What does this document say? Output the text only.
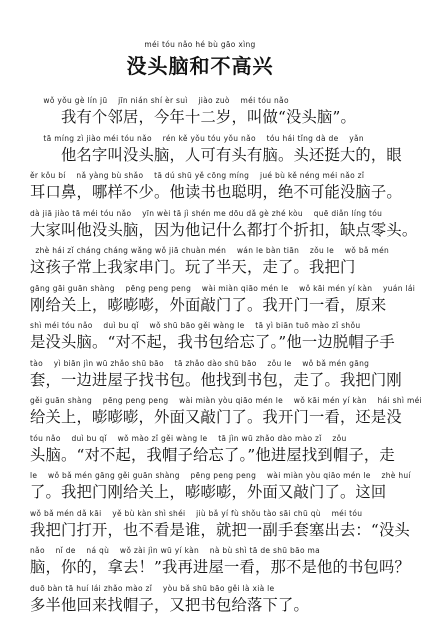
méi tóu nǎo hé bù gāo xìng
没头脑和不高兴
wǒ yǒu gè lín jū    jīn nián shí èr suì    jiào zuò    méi tóu nǎo
　　我有个邻居，今年十二岁，叫做“没头脑”。
tā míng zì jiào méi tóu nǎo    rén kě yǒu tóu yǒu nǎo    tóu hái tǐng dà de    yǎn
　　他名字叫没头脑，人可有头有脑。头还挺大的，眼
ěr kǒu bí    nǎ yàng bù shǎo    tā dú shū yě cōng míng    jué bù kě néng méi nǎo zǐ
耳口鼻，哪样不少。他读书也聪明，绝不可能没脑子。
dà jiā jiào tā méi tóu nǎo    yīn wèi tā jì shén me dōu dǎ gè zhé kòu    quē diǎn líng tóu
大家叫他没头脑，因为他记什么都打个折扣，缺点零头。
zhè hái zǐ cháng cháng wǎng wǒ jiā chuàn mén    wán le bàn tiān    zǒu le    wǒ bǎ mén
这孩子常上我家串门。玩了半天，走了。我把门
gāng gāi guān shàng    pēng peng peng    wài miàn qiāo mén le    wǒ kāi mén yí kàn    yuán lái
刚给关上，嘭嘭嘭，外面敲门了。我开门一看，原来
shì méi tóu nǎo    duì bu qǐ    wǒ shū bāo gěi wàng le    tā yì biān tuō mào zǐ shǒu
是没头脑。“对不起，我书包给忘了。”他一边脱帽子手
tào    yì biān jìn wū zhǎo shū bāo    tā zhǎo dào shū bāo    zǒu le    wǒ bǎ mén gāng
套，一边进屋子找书包。他找到书包，走了。我把门刚
gěi guān shàng    pēng peng peng    wài miàn yòu qiāo mén le    wǒ kāi mén yí kàn    hái shì méi
给关上，嘭嘭嘭，外面又敲门了。我开门一看，还是没
tóu nǎo    duì bu qǐ    wǒ mào zǐ gěi wàng le    tā jìn wū zhǎo dào mào zǐ    zǒu
头脑。“对不起，我帽子给忘了。”他进屋找到帽子，走
le    wǒ bǎ mén gāng gěi guān shàng    pēng peng peng    wài miàn yòu qiāo mén le    zhè huí
了。我把门刚给关上，嘭嘭嘭，外面又敲门了。这回
wǒ bǎ mén dǎ kāi    yě bù kàn shì shéi    jiù bǎ yí fù shǒu tào sāi chū qù    méi tóu
我把门打开，也不看是谁，就把一副手套塞出去：“没头
nǎo    nǐ de    ná qù    wǒ zài jìn wū yí kàn    nà bù shì tā de shū bāo ma
脑，你的，拿去！”我再进屋一看，那不是他的书包吗？
duō bàn tā huí lái zhǎo mào zǐ    yòu bǎ shū bāo gěi là xià le
多半他回来找帽子，又把书包给落下了。
